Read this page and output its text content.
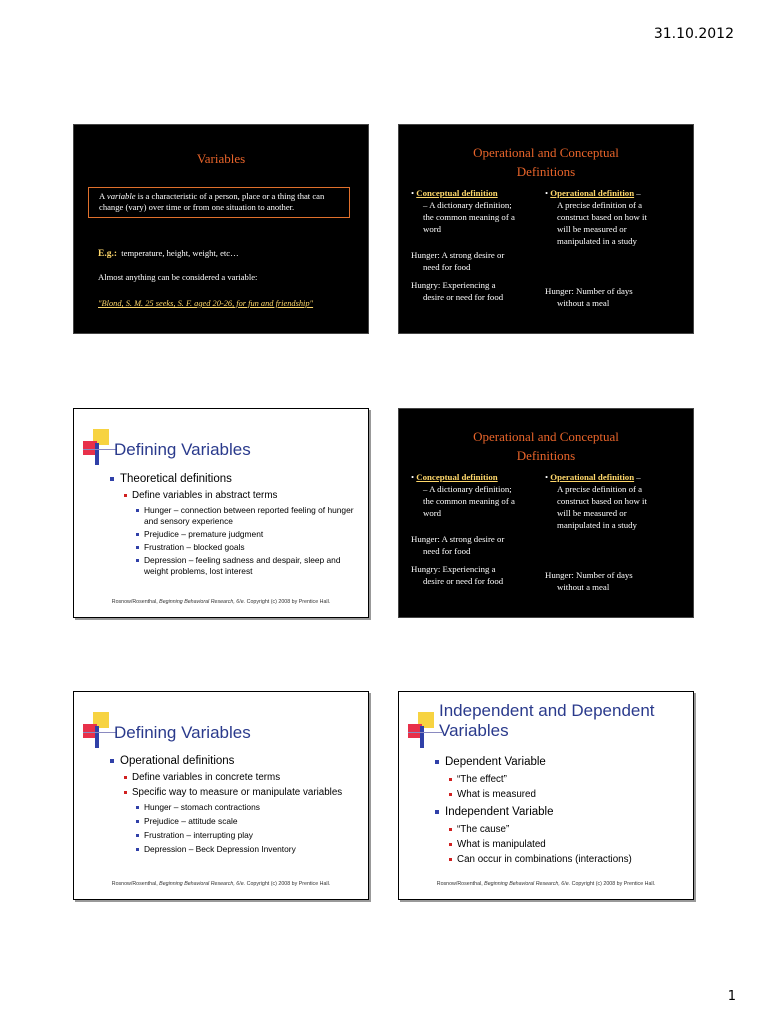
31.10.2012
Variables
A variable is a characteristic of a person, place or a thing that can change (vary) over time or from one situation to another.
E.g.:  temperature, height, weight, etc…
Almost anything can be considered a variable:
"Blond, S. M. 25 seeks, S. F. aged 20-26, for fun and friendship"
Operational and Conceptual
Definitions
• Conceptual definition
– A dictionary definition;
the common meaning of a
word
Hunger: A strong desire or
need for food
Hungry: Experiencing a
desire or need for food
• Operational definition –
A precise definition of a
construct based on how it
will be measured or
manipulated in a study
Hunger: Number of days
without a meal
Defining Variables
Theoretical definitions
Define variables in abstract terms
Hunger – connection between reported feeling of hunger and sensory experience
Prejudice – premature judgment
Frustration – blocked goals
Depression – feeling sadness and despair, sleep and weight problems, lost interest
Rosnow/Rosenthal, Beginning Behavioral Research, 6/e. Copyright (c) 2008 by Prentice Hall.
Operational and Conceptual
Definitions
• Conceptual definition
– A dictionary definition;
the common meaning of a
word
Hunger: A strong desire or
need for food
Hungry: Experiencing a
desire or need for food
• Operational definition –
A precise definition of a
construct based on how it
will be measured or
manipulated in a study
Hunger: Number of days
without a meal
Defining Variables
Operational definitions
Define variables in concrete terms
Specific way to measure or manipulate variables
Hunger – stomach contractions
Prejudice – attitude scale
Frustration – interrupting play
Depression – Beck Depression Inventory
Rosnow/Rosenthal, Beginning Behavioral Research, 6/e. Copyright (c) 2008 by Prentice Hall.
Independent and Dependent
Variables
Dependent Variable
“The effect”
What is measured
Independent Variable
“The cause”
What is manipulated
Can occur in combinations (interactions)
Rosnow/Rosenthal, Beginning Behavioral Research, 6/e. Copyright (c) 2008 by Prentice Hall.
1
